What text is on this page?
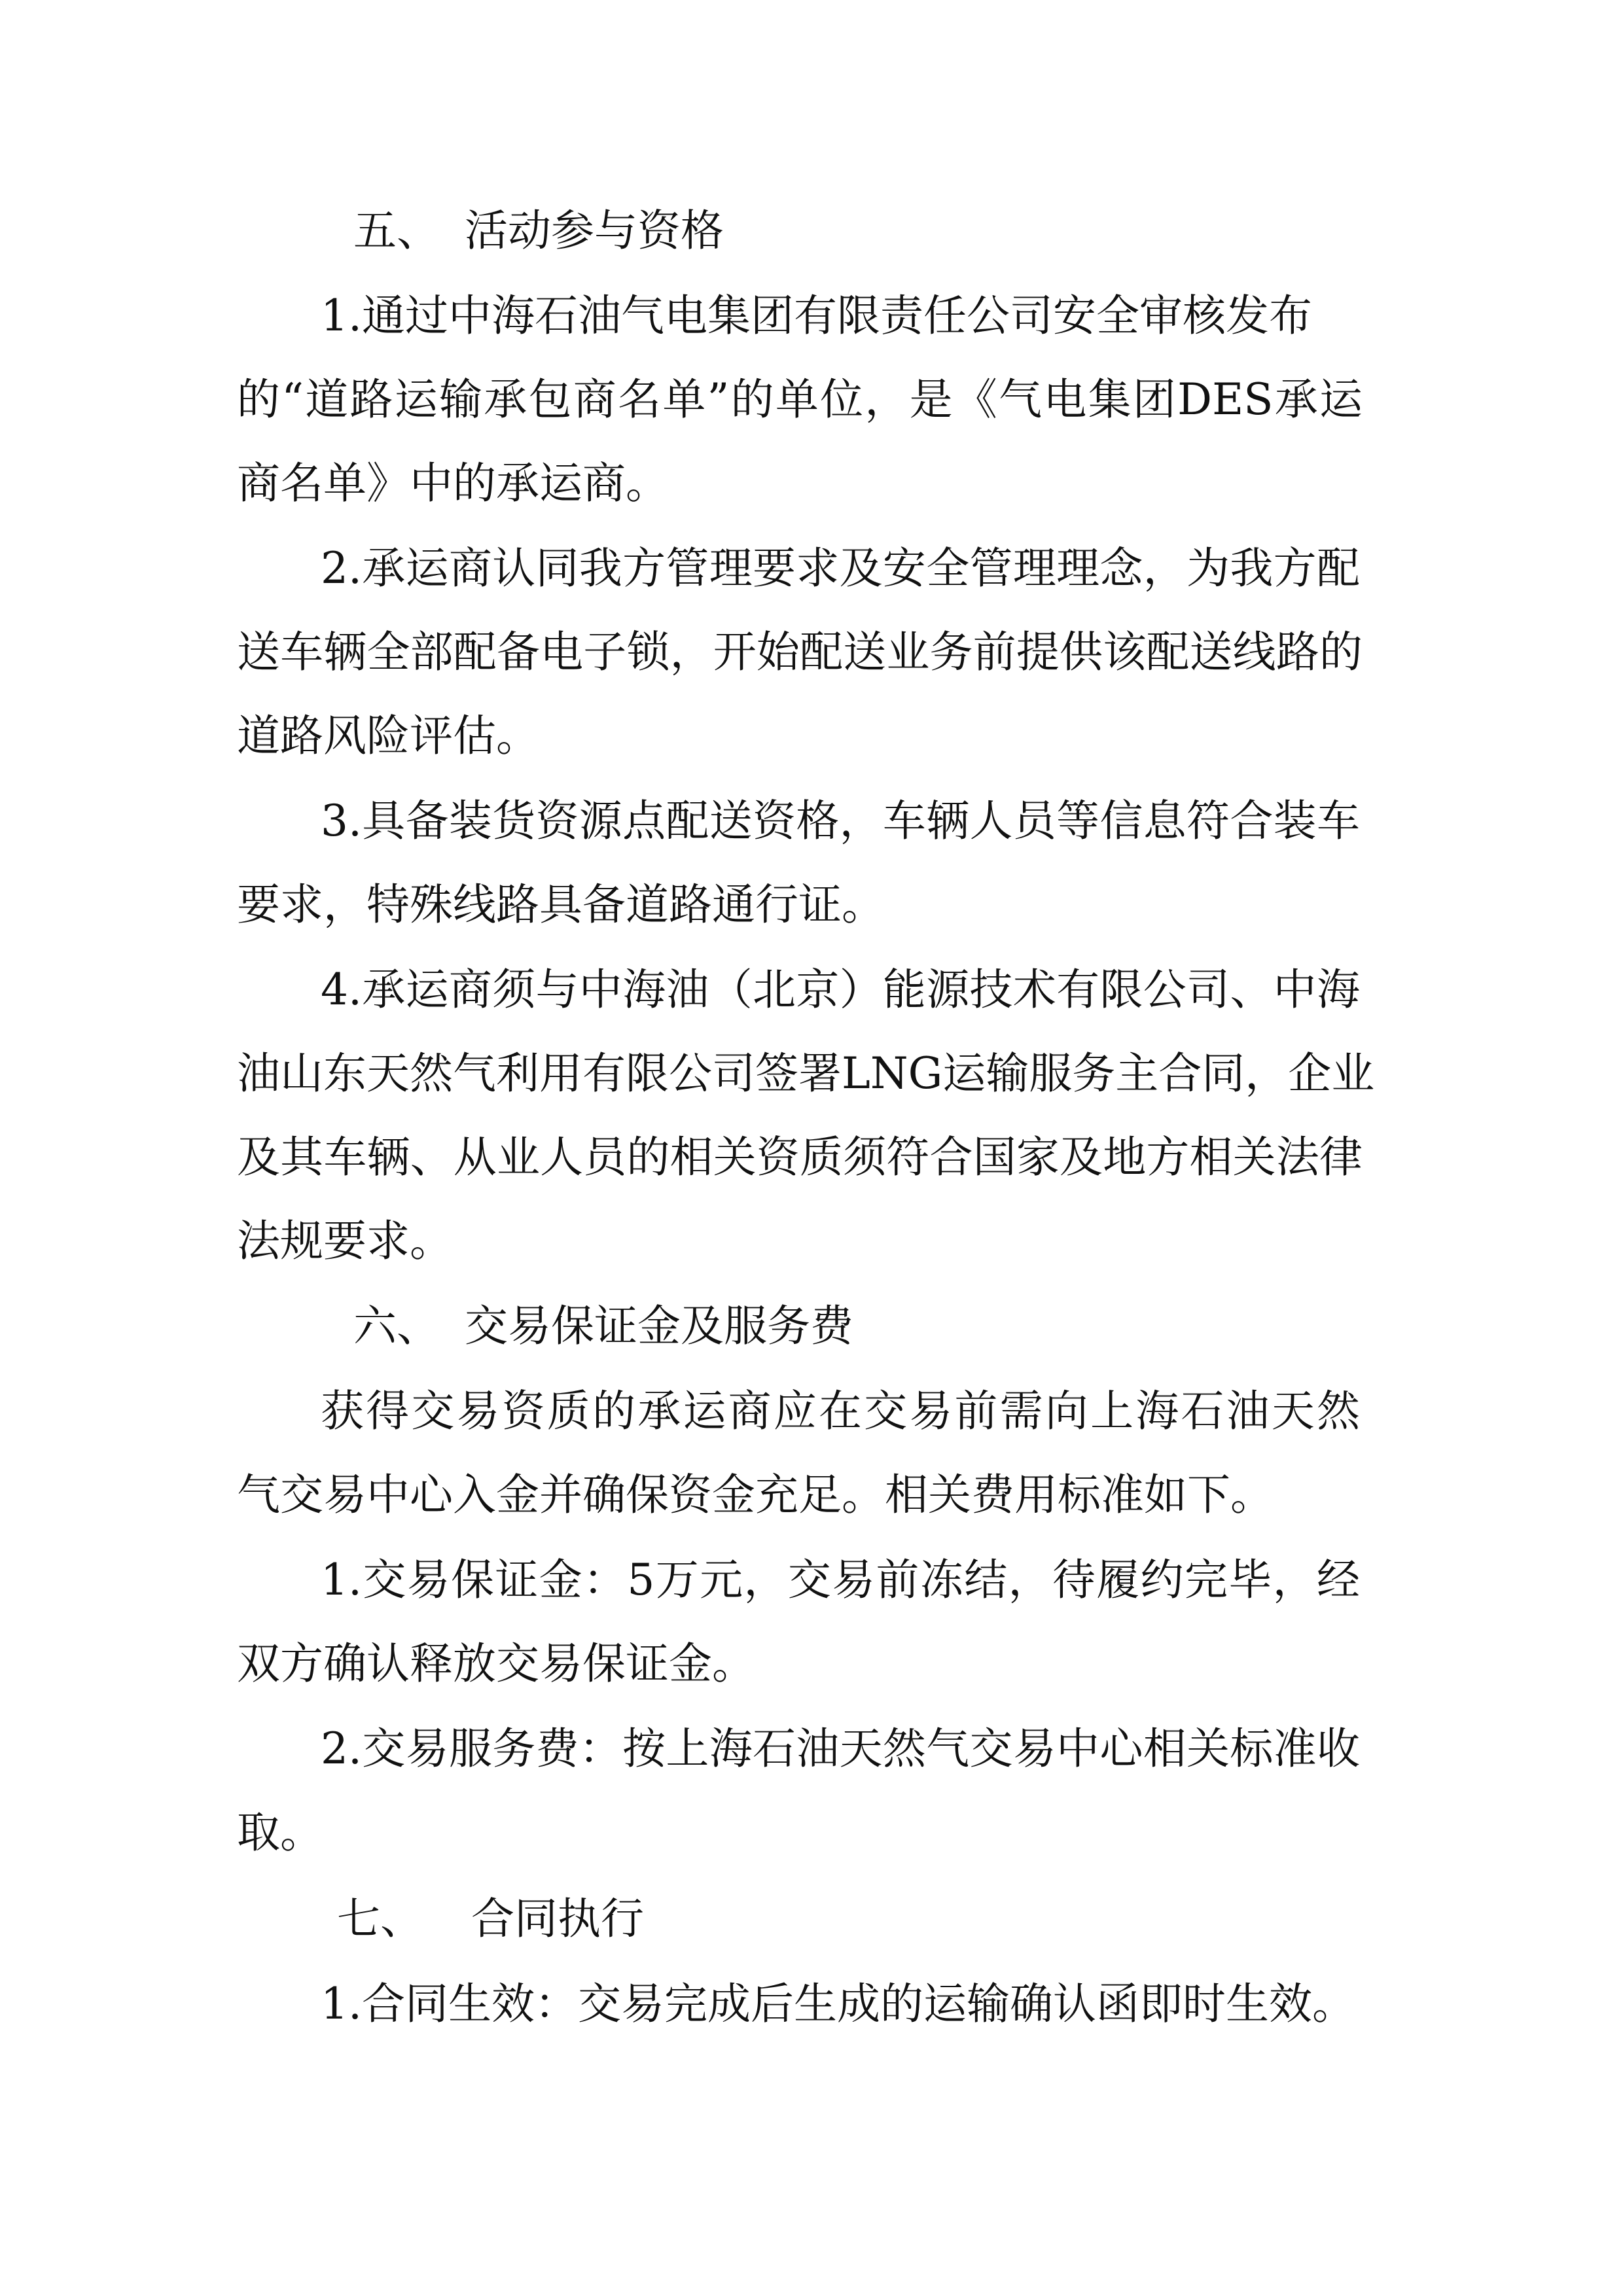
五、 活动参与资格
1.通过中海石油气电集团有限责任公司安全审核发布
的“道路运输承包商名单”的单位，是《气电集团DES承运
商名单》中的承运商。
2.承运商认同我方管理要求及安全管理理念，为我方配
送车辆全部配备电子锁，开始配送业务前提供该配送线路的
道路风险评估。
3.具备装货资源点配送资格，车辆人员等信息符合装车
要求，特殊线路具备道路通行证。
4.承运商须与中海油（北京）能源技术有限公司、中海
油山东天然气利用有限公司签署LNG运输服务主合同，企业
及其车辆、从业人员的相关资质须符合国家及地方相关法律
法规要求。
六、 交易保证金及服务费
获得交易资质的承运商应在交易前需向上海石油天然
气交易中心入金并确保资金充足。相关费用标准如下。
1.交易保证金：5万元，交易前冻结，待履约完毕，经
双方确认释放交易保证金。
2.交易服务费：按上海石油天然气交易中心相关标准收
取。
七、 合同执行
1.合同生效：交易完成后生成的运输确认函即时生效。
